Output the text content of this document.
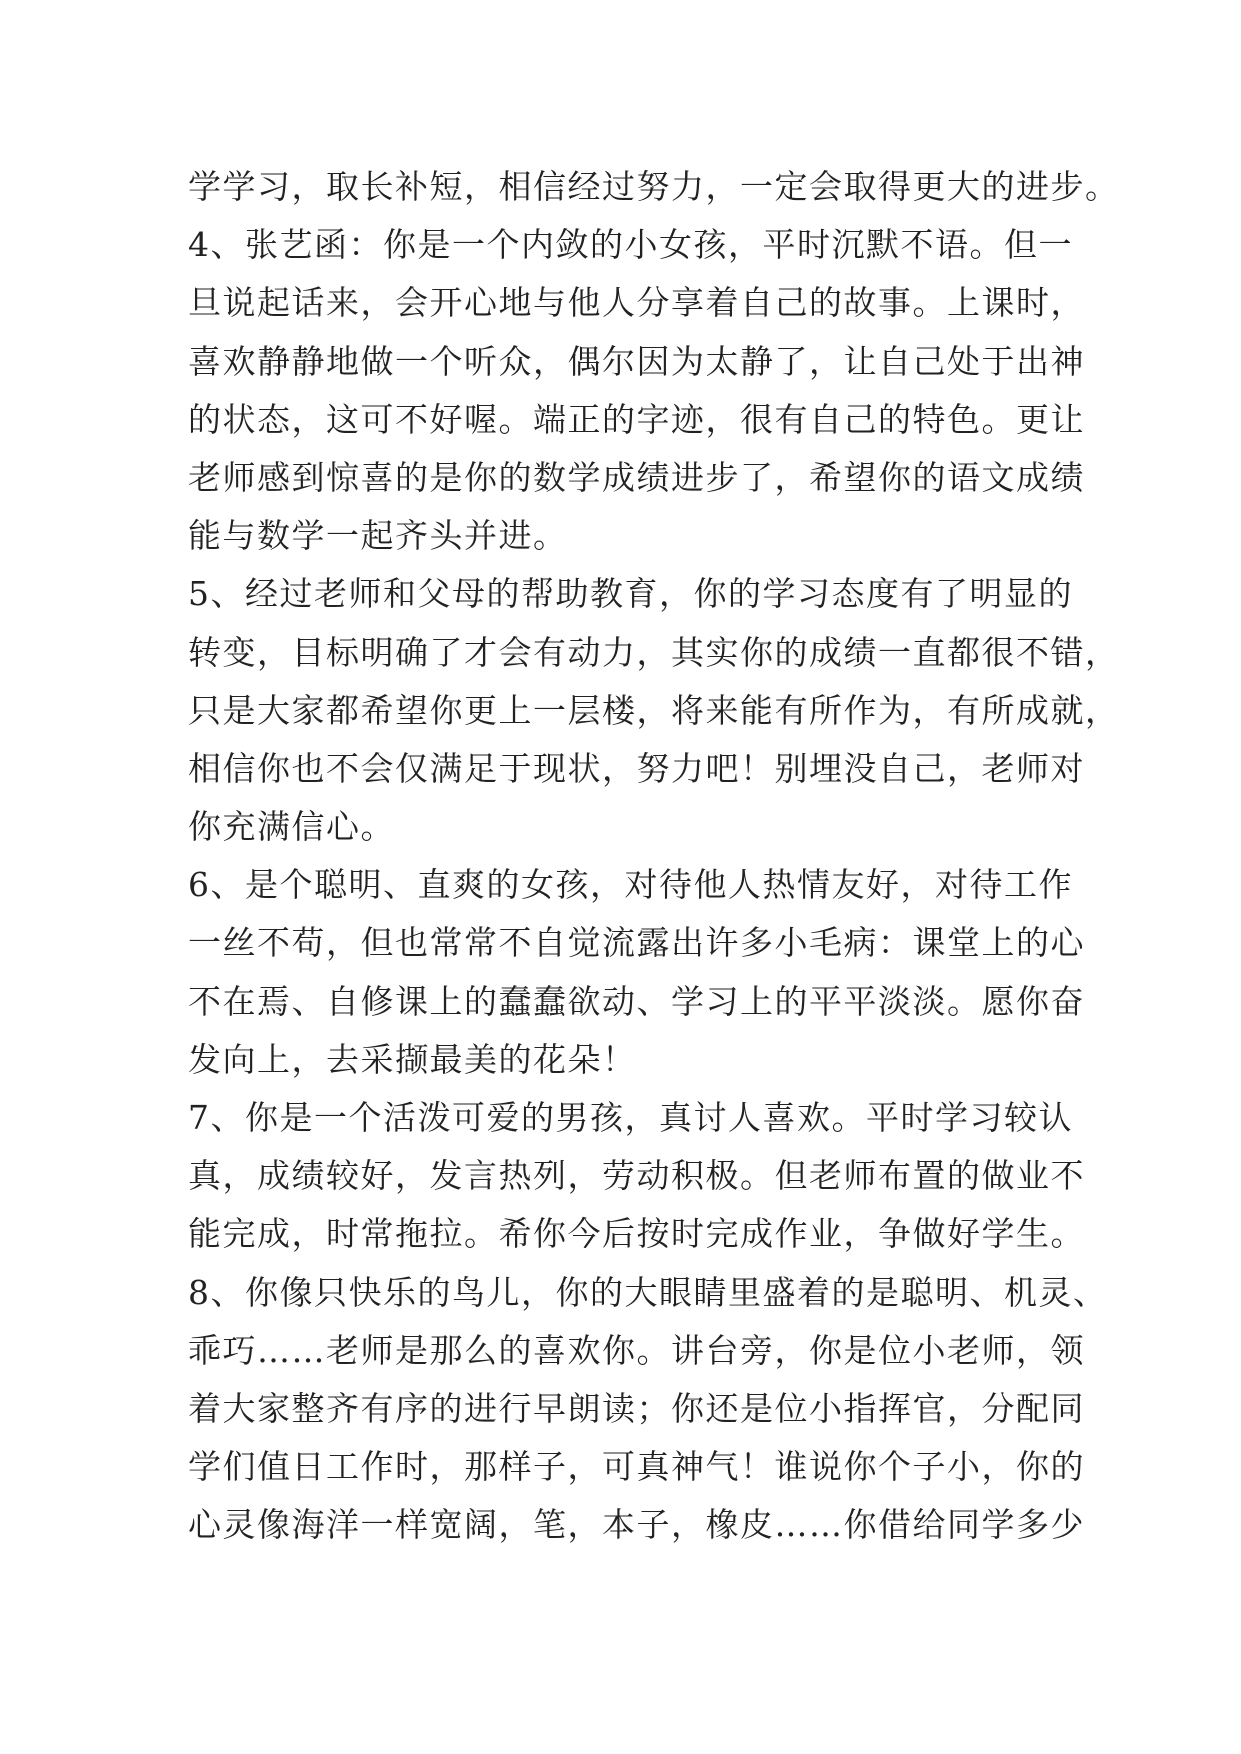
学学习，取长补短，相信经过努力，一定会取得更大的进步。
4、张艺函：你是一个内敛的小女孩，平时沉默不语。但一
旦说起话来，会开心地与他人分享着自己的故事。上课时，
喜欢静静地做一个听众，偶尔因为太静了，让自己处于出神
的状态，这可不好喔。端正的字迹，很有自己的特色。更让
老师感到惊喜的是你的数学成绩进步了，希望你的语文成绩
能与数学一起齐头并进。
5、经过老师和父母的帮助教育，你的学习态度有了明显的
转变，目标明确了才会有动力，其实你的成绩一直都很不错，
只是大家都希望你更上一层楼，将来能有所作为，有所成就，
相信你也不会仅满足于现状，努力吧！别埋没自己，老师对
你充满信心。
6、是个聪明、直爽的女孩，对待他人热情友好，对待工作
一丝不苟，但也常常不自觉流露出许多小毛病：课堂上的心
不在焉、自修课上的蠢蠢欲动、学习上的平平淡淡。愿你奋
发向上，去采撷最美的花朵！
7、你是一个活泼可爱的男孩，真讨人喜欢。平时学习较认
真，成绩较好，发言热列，劳动积极。但老师布置的做业不
能完成，时常拖拉。希你今后按时完成作业，争做好学生。
8、你像只快乐的鸟儿，你的大眼睛里盛着的是聪明、机灵、
乖巧……老师是那么的喜欢你。讲台旁，你是位小老师，领
着大家整齐有序的进行早朗读；你还是位小指挥官，分配同
学们值日工作时，那样子，可真神气！谁说你个子小，你的
心灵像海洋一样宽阔，笔，本子，橡皮……你借给同学多少
